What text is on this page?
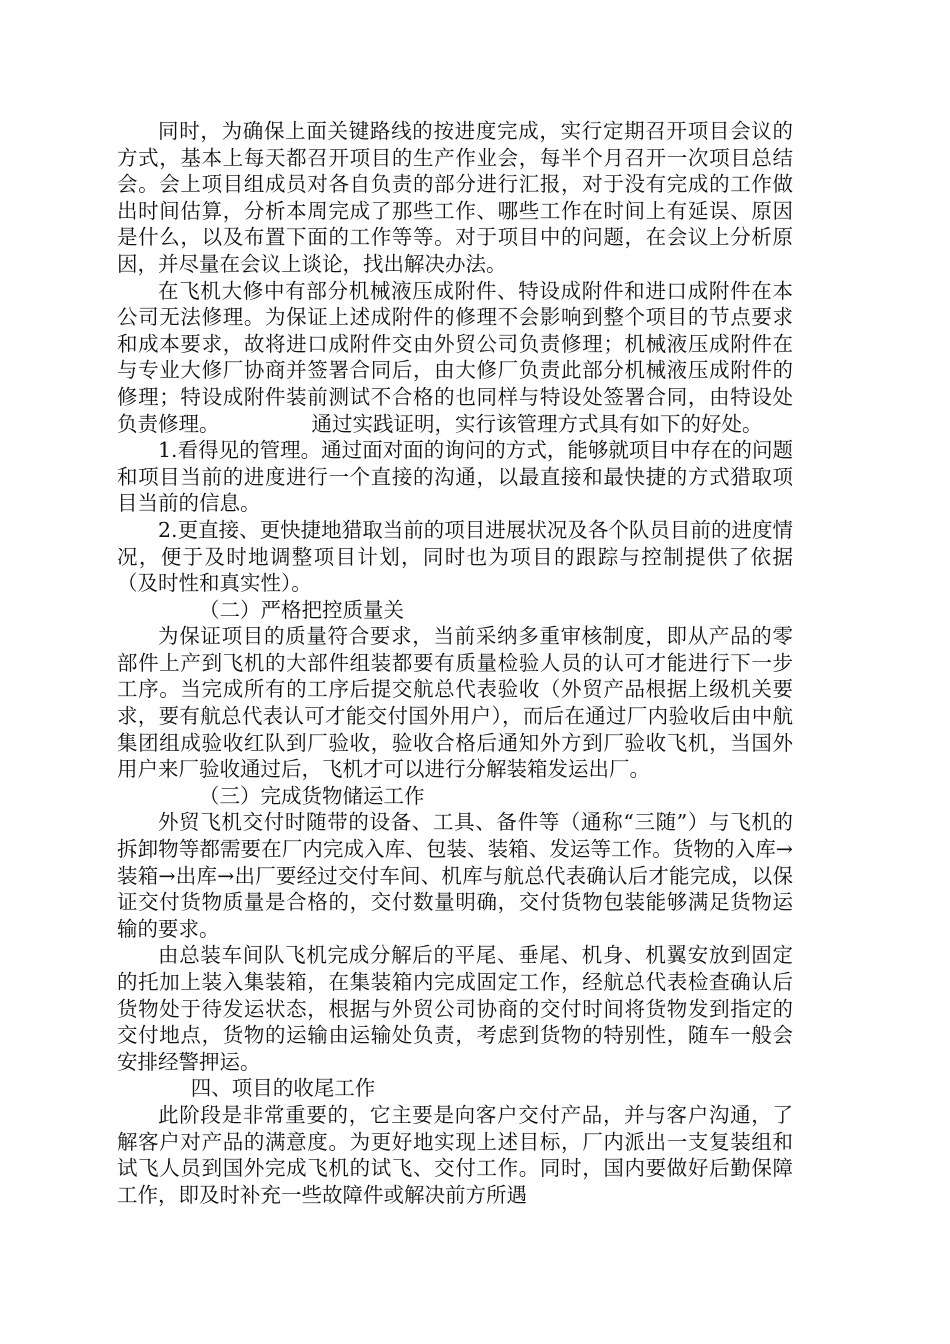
同时，为确保上面关键路线的按进度完成，实行定期召开项目会议的方式，基本上每天都召开项目的生产作业会，每半个月召开一次项目总结会。会上项目组成员对各自负责的部分进行汇报，对于没有完成的工作做出时间估算，分析本周完成了那些工作、哪些工作在时间上有延误、原因是什么，以及布置下面的工作等等。对于项目中的问题，在会议上分析原因，并尽量在会议上谈论，找出解决办法。

在飞机大修中有部分机械液压成附件、特设成附件和进口成附件在本公司无法修理。为保证上述成附件的修理不会影响到整个项目的节点要求和成本要求，故将进口成附件交由外贸公司负责修理；机械液压成附件在与专业大修厂协商并签署合同后，由大修厂负责此部分机械液压成附件的修理；特设成附件装前测试不合格的也同样与特设处签署合同，由特设处负责修理。	通过实践证明，实行该管理方式具有如下的好处。

1.看得见的管理。通过面对面的询问的方式，能够就项目中存在的问题和项目当前的进度进行一个直接的沟通，以最直接和最快捷的方式猎取项目当前的信息。

2.更直接、更快捷地猎取当前的项目进展状况及各个队员目前的进度情况，便于及时地调整项目计划，同时也为项目的跟踪与控制提供了依据（及时性和真实性）。

（二）严格把控质量关

为保证项目的质量符合要求，当前采纳多重审核制度，即从产品的零部件上产到飞机的大部件组装都要有质量检验人员的认可才能进行下一步工序。当完成所有的工序后提交航总代表验收（外贸产品根据上级机关要求，要有航总代表认可才能交付国外用户），而后在通过厂内验收后由中航集团组成验收红队到厂验收，验收合格后通知外方到厂验收飞机，当国外用户来厂验收通过后，飞机才可以进行分解装箱发运出厂。

（三）完成货物储运工作

外贸飞机交付时随带的设备、工具、备件等（通称“三随”）与飞机的拆卸物等都需要在厂内完成入库、包装、装箱、发运等工作。货物的入库→装箱→出库→出厂要经过交付车间、机库与航总代表确认后才能完成，以保证交付货物质量是合格的，交付数量明确，交付货物包装能够满足货物运输的要求。

由总装车间队飞机完成分解后的平尾、垂尾、机身、机翼安放到固定的托加上装入集装箱，在集装箱内完成固定工作，经航总代表检查确认后货物处于待发运状态，根据与外贸公司协商的交付时间将货物发到指定的交付地点，货物的运输由运输处负责，考虑到货物的特别性，随车一般会安排经警押运。

四、项目的收尾工作

此阶段是非常重要的，它主要是向客户交付产品，并与客户沟通，了解客户对产品的满意度。为更好地实现上述目标，厂内派出一支复装组和试飞人员到国外完成飞机的试飞、交付工作。同时，国内要做好后勤保障工作，即及时补充一些故障件或解决前方所遇
